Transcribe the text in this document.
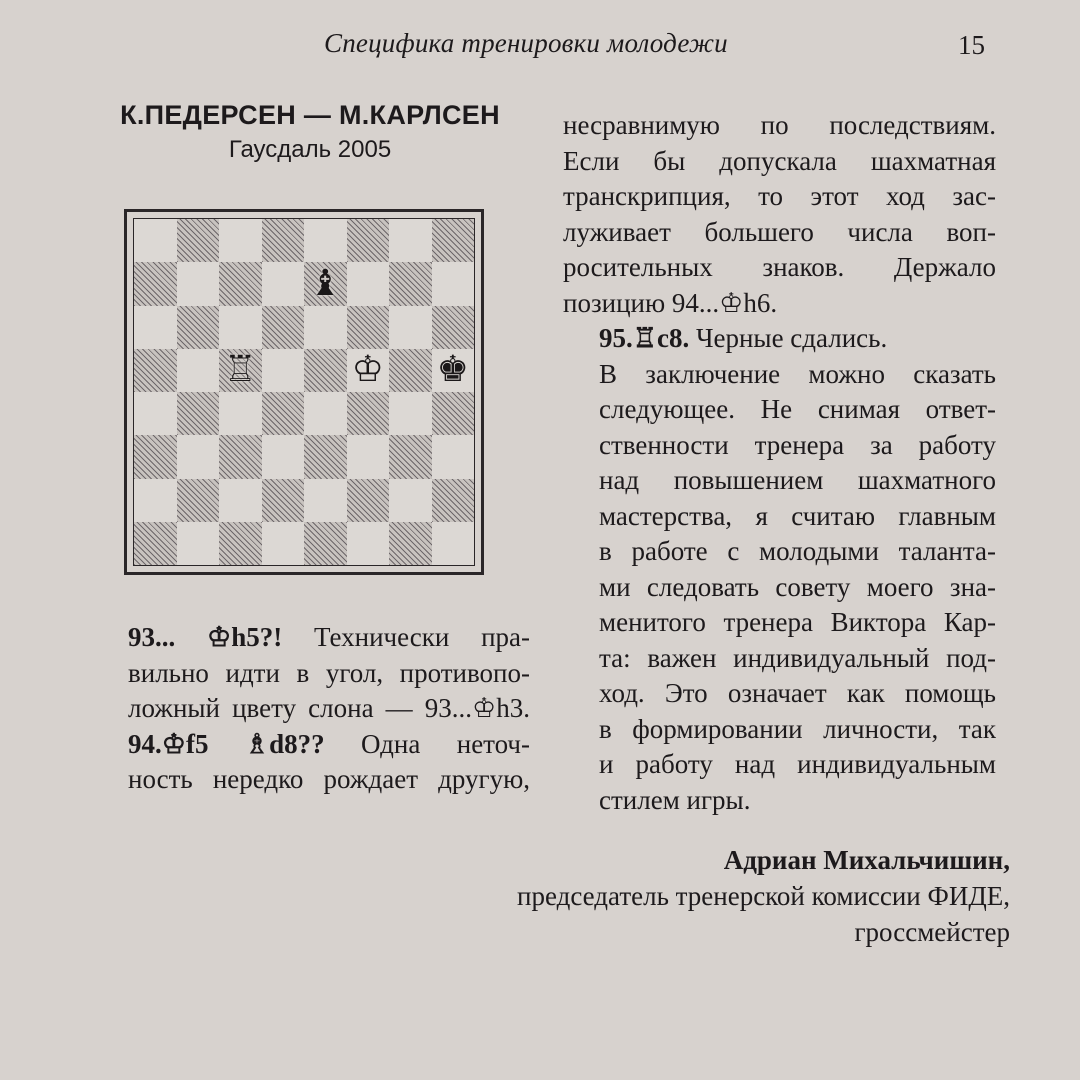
Специфика тренировки молодежи	15
К.ПЕДЕРСЕН — М.КАРЛСЕН
Гаусдаль 2005
♝
♖	♔ ♚
93... ♔h5?! Технически пра-
вильно идти в угол, противопо-
ложный цвету слона — 93...♔h3.
94.♔f5 ♗d8?? Одна неточ-
ность нередко рождает другую,
несравнимую по последствиям.
Если бы допускала шахматная
транскрипция, то этот ход зас-
луживает большего числа воп-
росительных знаков. Держало
позицию 94...♔h6.
95.♖c8. Черные сдались.
В заключение можно сказать
следующее. Не снимая ответ-
ственности тренера за работу
над повышением шахматного
мастерства, я считаю главным
в работе с молодыми таланта-
ми следовать совету моего зна-
менитого тренера Виктора Кар-
та: важен индивидуальный под-
ход. Это означает как помощь
в формировании личности, так
и работу над индивидуальным
стилем игры.
Адриан Михальчишин,
председатель тренерской комиссии ФИДЕ,
гроссмейстер
